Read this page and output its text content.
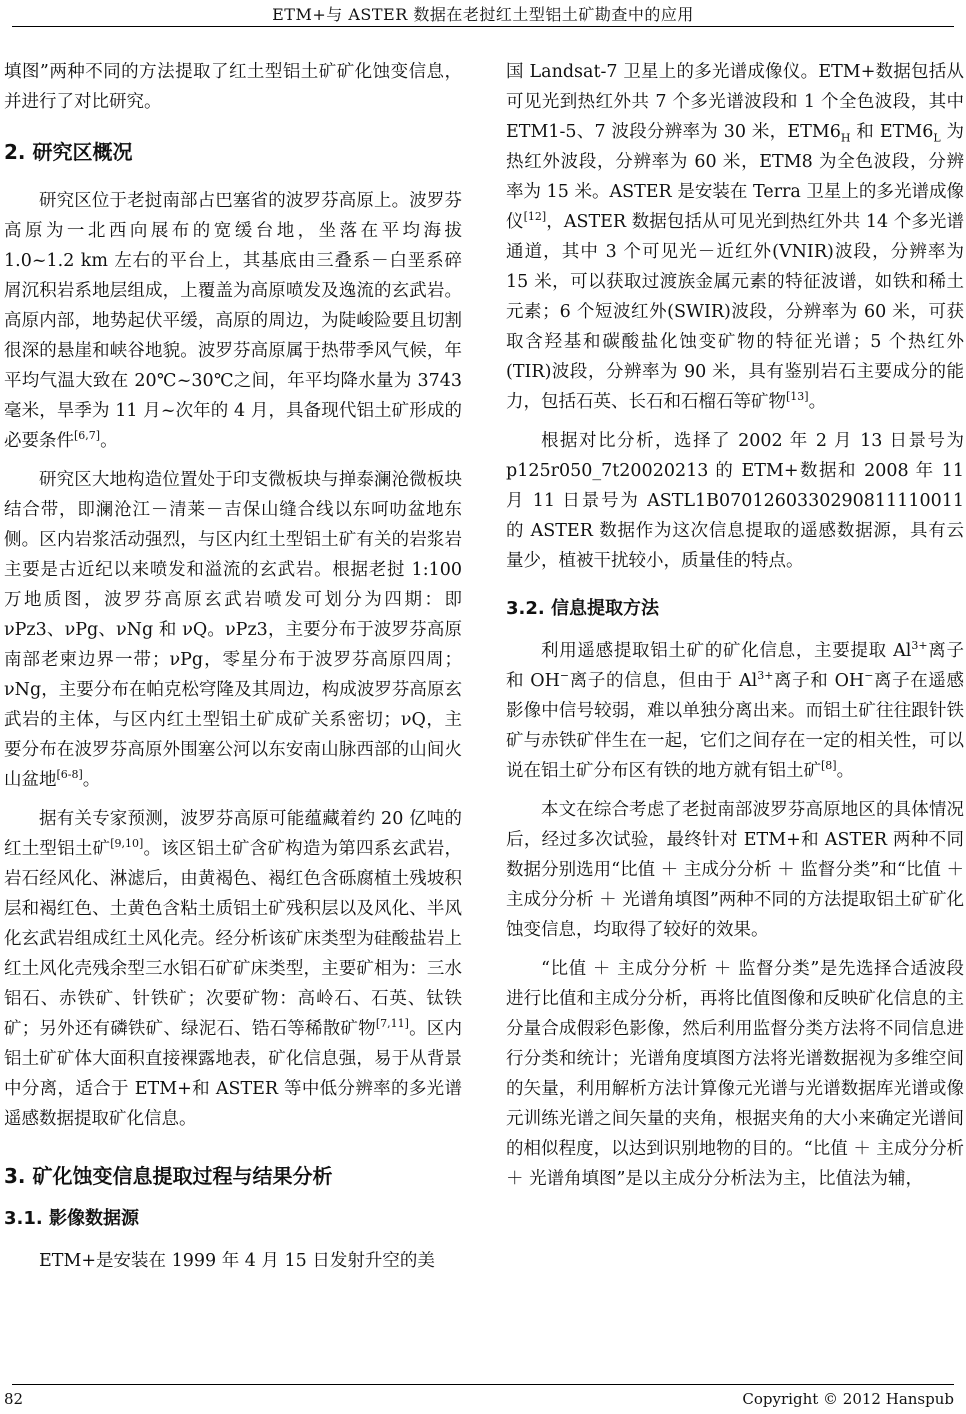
ETM+与 ASTER 数据在老挝红土型铝土矿勘查中的应用

填图”两种不同的方法提取了红土型铝土矿矿化蚀变信息，并进行了对比研究。

2. 研究区概况

研究区位于老挝南部占巴塞省的波罗芬高原上。波罗芬高原为一北西向展布的宽缓台地，坐落在平均海拔 1.0~1.2 km 左右的平台上，其基底由三叠系－白垩系碎屑沉积岩系地层组成，上覆盖为高原喷发及逸流的玄武岩。高原内部，地势起伏平缓，高原的周边，为陡峻险要且切割很深的悬崖和峡谷地貌。波罗芬高原属于热带季风气候，年平均气温大致在 20℃~30℃之间，年平均降水量为 3743 毫米，旱季为 11 月~次年的 4 月，具备现代铝土矿形成的必要条件[6,7]。

研究区大地构造位置处于印支微板块与掸泰澜沧微板块结合带，即澜沧江－清莱－吉保山缝合线以东呵叻盆地东侧。区内岩浆活动强烈，与区内红土型铝土矿有关的岩浆岩主要是古近纪以来喷发和溢流的玄武岩。根据老挝 1:100 万地质图，波罗芬高原玄武岩喷发可划分为四期：即 νPz3、νPg、νNg 和 νQ。νPz3，主要分布于波罗芬高原南部老柬边界一带；νPg，零星分布于波罗芬高原四周；νNg，主要分布在帕克松穹隆及其周边，构成波罗芬高原玄武岩的主体，与区内红土型铝土矿成矿关系密切；νQ，主要分布在波罗芬高原外围塞公河以东安南山脉西部的山间火山盆地[6-8]。

据有关专家预测，波罗芬高原可能蕴藏着约 20 亿吨的红土型铝土矿[9,10]。该区铝土矿含矿构造为第四系玄武岩，岩石经风化、淋滤后，由黄褐色、褐红色含砾腐植土残坡积层和褐红色、土黄色含粘土质铝土矿残积层以及风化、半风化玄武岩组成红土风化壳。经分析该矿床类型为硅酸盐岩上红土风化壳残余型三水铝石矿矿床类型，主要矿相为：三水铝石、赤铁矿、针铁矿；次要矿物：高岭石、石英、钛铁矿；另外还有磷铁矿、绿泥石、锆石等稀散矿物[7,11]。区内铝土矿矿体大面积直接裸露地表，矿化信息强，易于从背景中分离，适合于 ETM+和 ASTER 等中低分辨率的多光谱遥感数据提取矿化信息。

3. 矿化蚀变信息提取过程与结果分析
3.1. 影像数据源

ETM+是安装在 1999 年 4 月 15 日发射升空的美

国 Landsat-7 卫星上的多光谱成像仪。ETM+数据包括从可见光到热红外共 7 个多光谱波段和 1 个全色波段，其中 ETM1-5、7 波段分辨率为 30 米，$ETM6_H$ 和 $ETM6_L$ 为热红外波段，分辨率为 60 米，ETM8 为全色波段，分辨率为 15 米。ASTER 是安装在 Terra 卫星上的多光谱成像仪[12]，ASTER 数据包括从可见光到热红外共 14 个多光谱通道，其中 3 个可见光－近红外(VNIR)波段，分辨率为 15 米，可以获取过渡族金属元素的特征波谱，如铁和稀土元素；6 个短波红外(SWIR)波段，分辨率为 60 米，可获取含羟基和碳酸盐化蚀变矿物的特征光谱；5 个热红外(TIR)波段，分辨率为 90 米，具有鉴别岩石主要成分的能力，包括石英、长石和石榴石等矿物[13]。

根据对比分析，选择了 2002 年 2 月 13 日景号为 p125r050_7t20020213 的 ETM+数据和 2008 年 11 月 11 日景号为 ASTL1B0701260330290811110011 的 ASTER 数据作为这次信息提取的遥感数据源，具有云量少，植被干扰较小，质量佳的特点。

3.2. 信息提取方法

利用遥感提取铝土矿的矿化信息，主要提取 $Al^{3+}$离子和 OH−离子的信息，但由于 $Al^{3+}$离子和 OH−离子在遥感影像中信号较弱，难以单独分离出来。而铝土矿往往跟针铁矿与赤铁矿伴生在一起，它们之间存在一定的相关性，可以说在铝土矿分布区有铁的地方就有铝土矿[8]。

本文在综合考虑了老挝南部波罗芬高原地区的具体情况后，经过多次试验，最终针对 ETM+和 ASTER 两种不同数据分别选用“比值 ＋ 主成分分析 ＋ 监督分类”和“比值 ＋ 主成分分析 ＋ 光谱角填图”两种不同的方法提取铝土矿矿化蚀变信息，均取得了较好的效果。

“比值 ＋ 主成分分析 ＋ 监督分类”是先选择合适波段进行比值和主成分分析，再将比值图像和反映矿化信息的主分量合成假彩色影像，然后利用监督分类方法将不同信息进行分类和统计；光谱角度填图方法将光谱数据视为多维空间的矢量，利用解析方法计算像元光谱与光谱数据库光谱或像元训练光谱之间矢量的夹角，根据夹角的大小来确定光谱间的相似程度，以达到识别地物的目的。“比值 ＋ 主成分分析 ＋ 光谱角填图”是以主成分分析法为主，比值法为辅，

82	Copyright © 2012 Hanspub
